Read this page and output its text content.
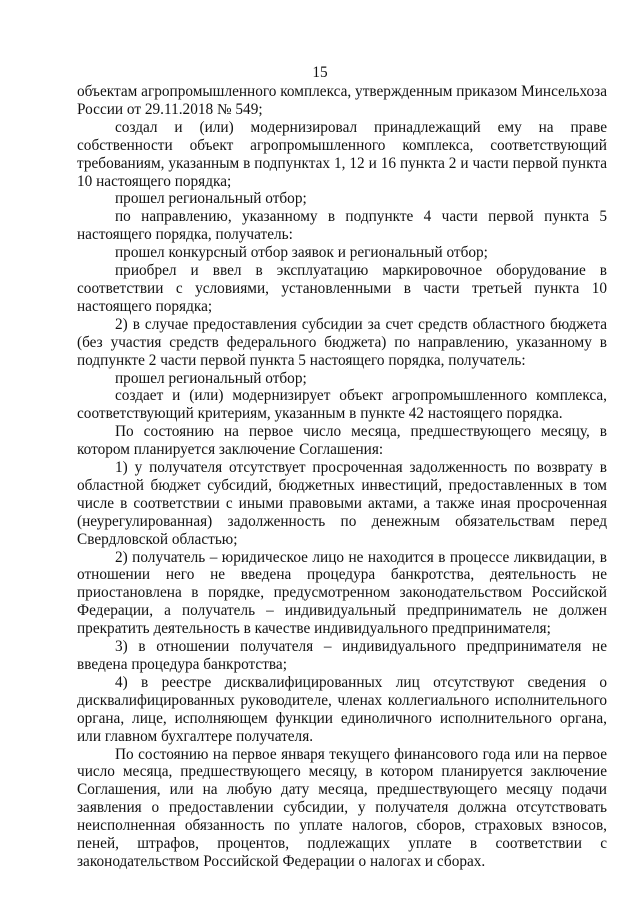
15

объектам агропромышленного комплекса, утвержденным приказом Минсельхоза России от 29.11.2018 № 549;

создал и (или) модернизировал принадлежащий ему на праве собственности объект агропромышленного комплекса, соответствующий требованиям, указанным в подпунктах 1, 12 и 16 пункта 2 и части первой пункта 10 настоящего порядка;

прошел региональный отбор;

по направлению, указанному в подпункте 4 части первой пункта 5 настоящего порядка, получатель:

прошел конкурсный отбор заявок и региональный отбор;

приобрел и ввел в эксплуатацию маркировочное оборудование в соответствии с условиями, установленными в части третьей пункта 10 настоящего порядка;

2) в случае предоставления субсидии за счет средств областного бюджета (без участия средств федерального бюджета) по направлению, указанному в подпункте 2 части первой пункта 5 настоящего порядка, получатель:

прошел региональный отбор;

создает и (или) модернизирует объект агропромышленного комплекса, соответствующий критериям, указанным в пункте 42 настоящего порядка.

По состоянию на первое число месяца, предшествующего месяцу, в котором планируется заключение Соглашения:

1) у получателя отсутствует просроченная задолженность по возврату в областной бюджет субсидий, бюджетных инвестиций, предоставленных в том числе в соответствии с иными правовыми актами, а также иная просроченная (неурегулированная) задолженность по денежным обязательствам перед Свердловской областью;

2) получатель – юридическое лицо не находится в процессе ликвидации, в отношении него не введена процедура банкротства, деятельность не приостановлена в порядке, предусмотренном законодательством Российской Федерации, а получатель – индивидуальный предприниматель не должен прекратить деятельность в качестве индивидуального предпринимателя;

3) в отношении получателя – индивидуального предпринимателя не введена процедура банкротства;

4) в реестре дисквалифицированных лиц отсутствуют сведения о дисквалифицированных руководителе, членах коллегиального исполнительного органа, лице, исполняющем функции единоличного исполнительного органа, или главном бухгалтере получателя.

По состоянию на первое января текущего финансового года или на первое число месяца, предшествующего месяцу, в котором планируется заключение Соглашения, или на любую дату месяца, предшествующего месяцу подачи заявления о предоставлении субсидии, у получателя должна отсутствовать неисполненная обязанность по уплате налогов, сборов, страховых взносов, пеней, штрафов, процентов, подлежащих уплате в соответствии с законодательством Российской Федерации о налогах и сборах.
